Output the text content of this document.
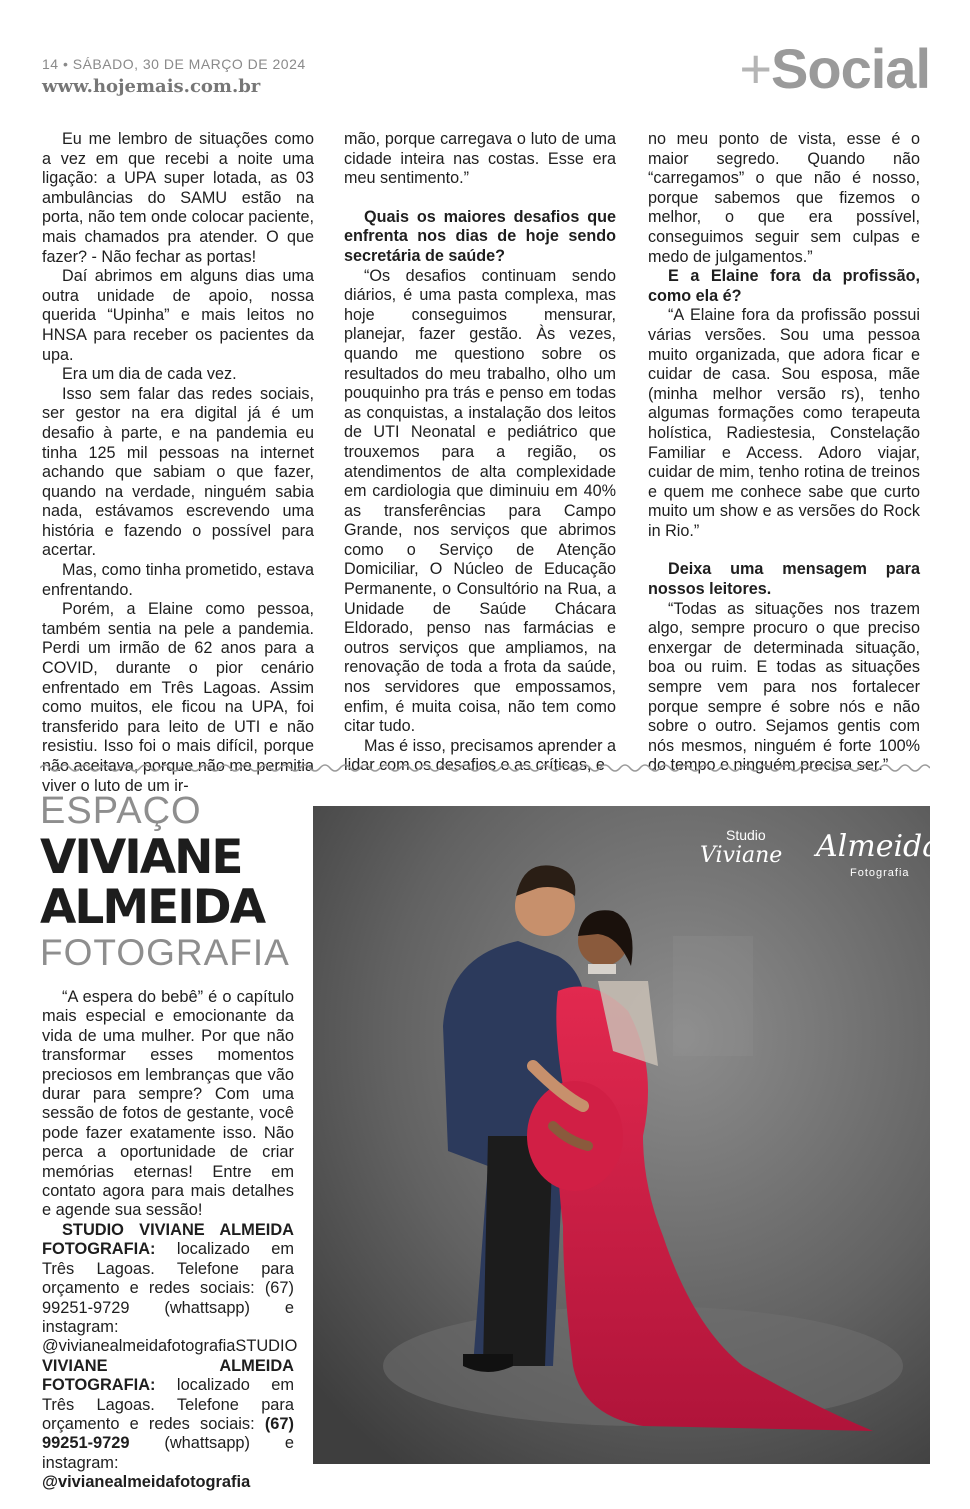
14 • SÁBADO, 30 DE MARÇO DE 2024
www.hojemais.com.br	+Social

Eu me lembro de situações como a vez em que recebi a noite uma ligação: a UPA super lotada, as 03 ambulâncias do SAMU estão na porta, não tem onde colocar paciente, mais chamados pra atender. O que fazer? - Não fechar as portas!

Daí abrimos em alguns dias uma outra unidade de apoio, nossa querida “Upinha” e mais leitos no HNSA para receber os pacientes da upa.

Era um dia de cada vez.

Isso sem falar das redes sociais, ser gestor na era digital já é um desafio à parte, e na pandemia eu tinha 125 mil pessoas na internet achando que sabiam o que fazer, quando na verdade, ninguém sabia nada, estávamos escrevendo uma história e fazendo o possível para acertar.

Mas, como tinha prometido, estava enfrentando.

Porém, a Elaine como pessoa, também sentia na pele a pandemia. Perdi um irmão de 62 anos para a COVID, durante o pior cenário enfrentado em Três Lagoas. Assim como muitos, ele ficou na UPA, foi transferido para leito de UTI e não resistiu. Isso foi o mais difícil, porque não aceitava, porque não me permitia viver o luto de um ir-

mão, porque carregava o luto de uma cidade inteira nas costas. Esse era meu sentimento.”

Quais os maiores desafios que enfrenta nos dias de hoje sendo secretária de saúde?

“Os desafios continuam sendo diários, é uma pasta complexa, mas hoje conseguimos mensurar, planejar, fazer gestão. Às vezes, quando me questiono sobre os resultados do meu trabalho, olho um pouquinho pra trás e penso em todas as conquistas, a instalação dos leitos de UTI Neonatal e pediátrico que trouxemos para a região, os atendimentos de alta complexidade em cardiologia que diminuiu em 40% as transferências para Campo Grande, nos serviços que abrimos como o Serviço de Atenção Domiciliar, O Núcleo de Educação Permanente, o Consultório na Rua, a Unidade de Saúde Chácara Eldorado, penso nas farmácias e outros serviços que ampliamos, na renovação de toda a frota da saúde, nos servidores que empossamos, enfim, é muita coisa, não tem como citar tudo.

Mas é isso, precisamos aprender a lidar com os desafios e as críticas, e

no meu ponto de vista, esse é o maior segredo. Quando não “carregamos” o que não é nosso, porque sabemos que fizemos o melhor, o que era possível, conseguimos seguir sem culpas e medo de julgamentos.”

E a Elaine fora da profissão, como ela é?

“A Elaine fora da profissão possui várias versões. Sou uma pessoa muito organizada, que adora ficar e cuidar de casa. Sou esposa, mãe (minha melhor versão rs), tenho algumas formações como terapeuta holística, Radiestesia, Constelação Familiar e Access. Adoro viajar, cuidar de mim, tenho rotina de treinos e quem me conhece sabe que curto muito um show e as versões do Rock in Rio.”

Deixa uma mensagem para nossos leitores.

“Todas as situações nos trazem algo, sempre procuro o que preciso enxergar de determinada situação, boa ou ruim. E todas as situações sempre vem para nos fortalecer porque sempre é sobre nós e não sobre o outro. Sejamos gentis com nós mesmos, ninguém é forte 100% do tempo e ninguém precisa ser.”

ESPAÇO
VIVIANE
ALMEIDA
FOTOGRAFIA

“A espera do bebê” é o capítulo mais especial e emocionante da vida de uma mulher. Por que não transformar esses momentos preciosos em lembranças que vão durar para sempre? Com uma sessão de fotos de gestante, você pode fazer exatamente isso. Não perca a oportunidade de criar memórias eternas! Entre em contato agora para mais detalhes e agende sua sessão!

STUDIO VIVIANE ALMEIDA FOTOGRAFIA: localizado em Três Lagoas. Telefone para orçamento e redes sociais: (67) 99251-9729 (whattsapp) e instagram: @vivianealmeidafotografiaSTUDIO VIVIANE ALMEIDA FOTOGRAFIA: localizado em Três Lagoas. Telefone para orçamento e redes sociais: (67) 99251-9729 (whattsapp) e instagram:
@vivianealmeidafotografia

Studio
Viviane Almeida
Fotografia
